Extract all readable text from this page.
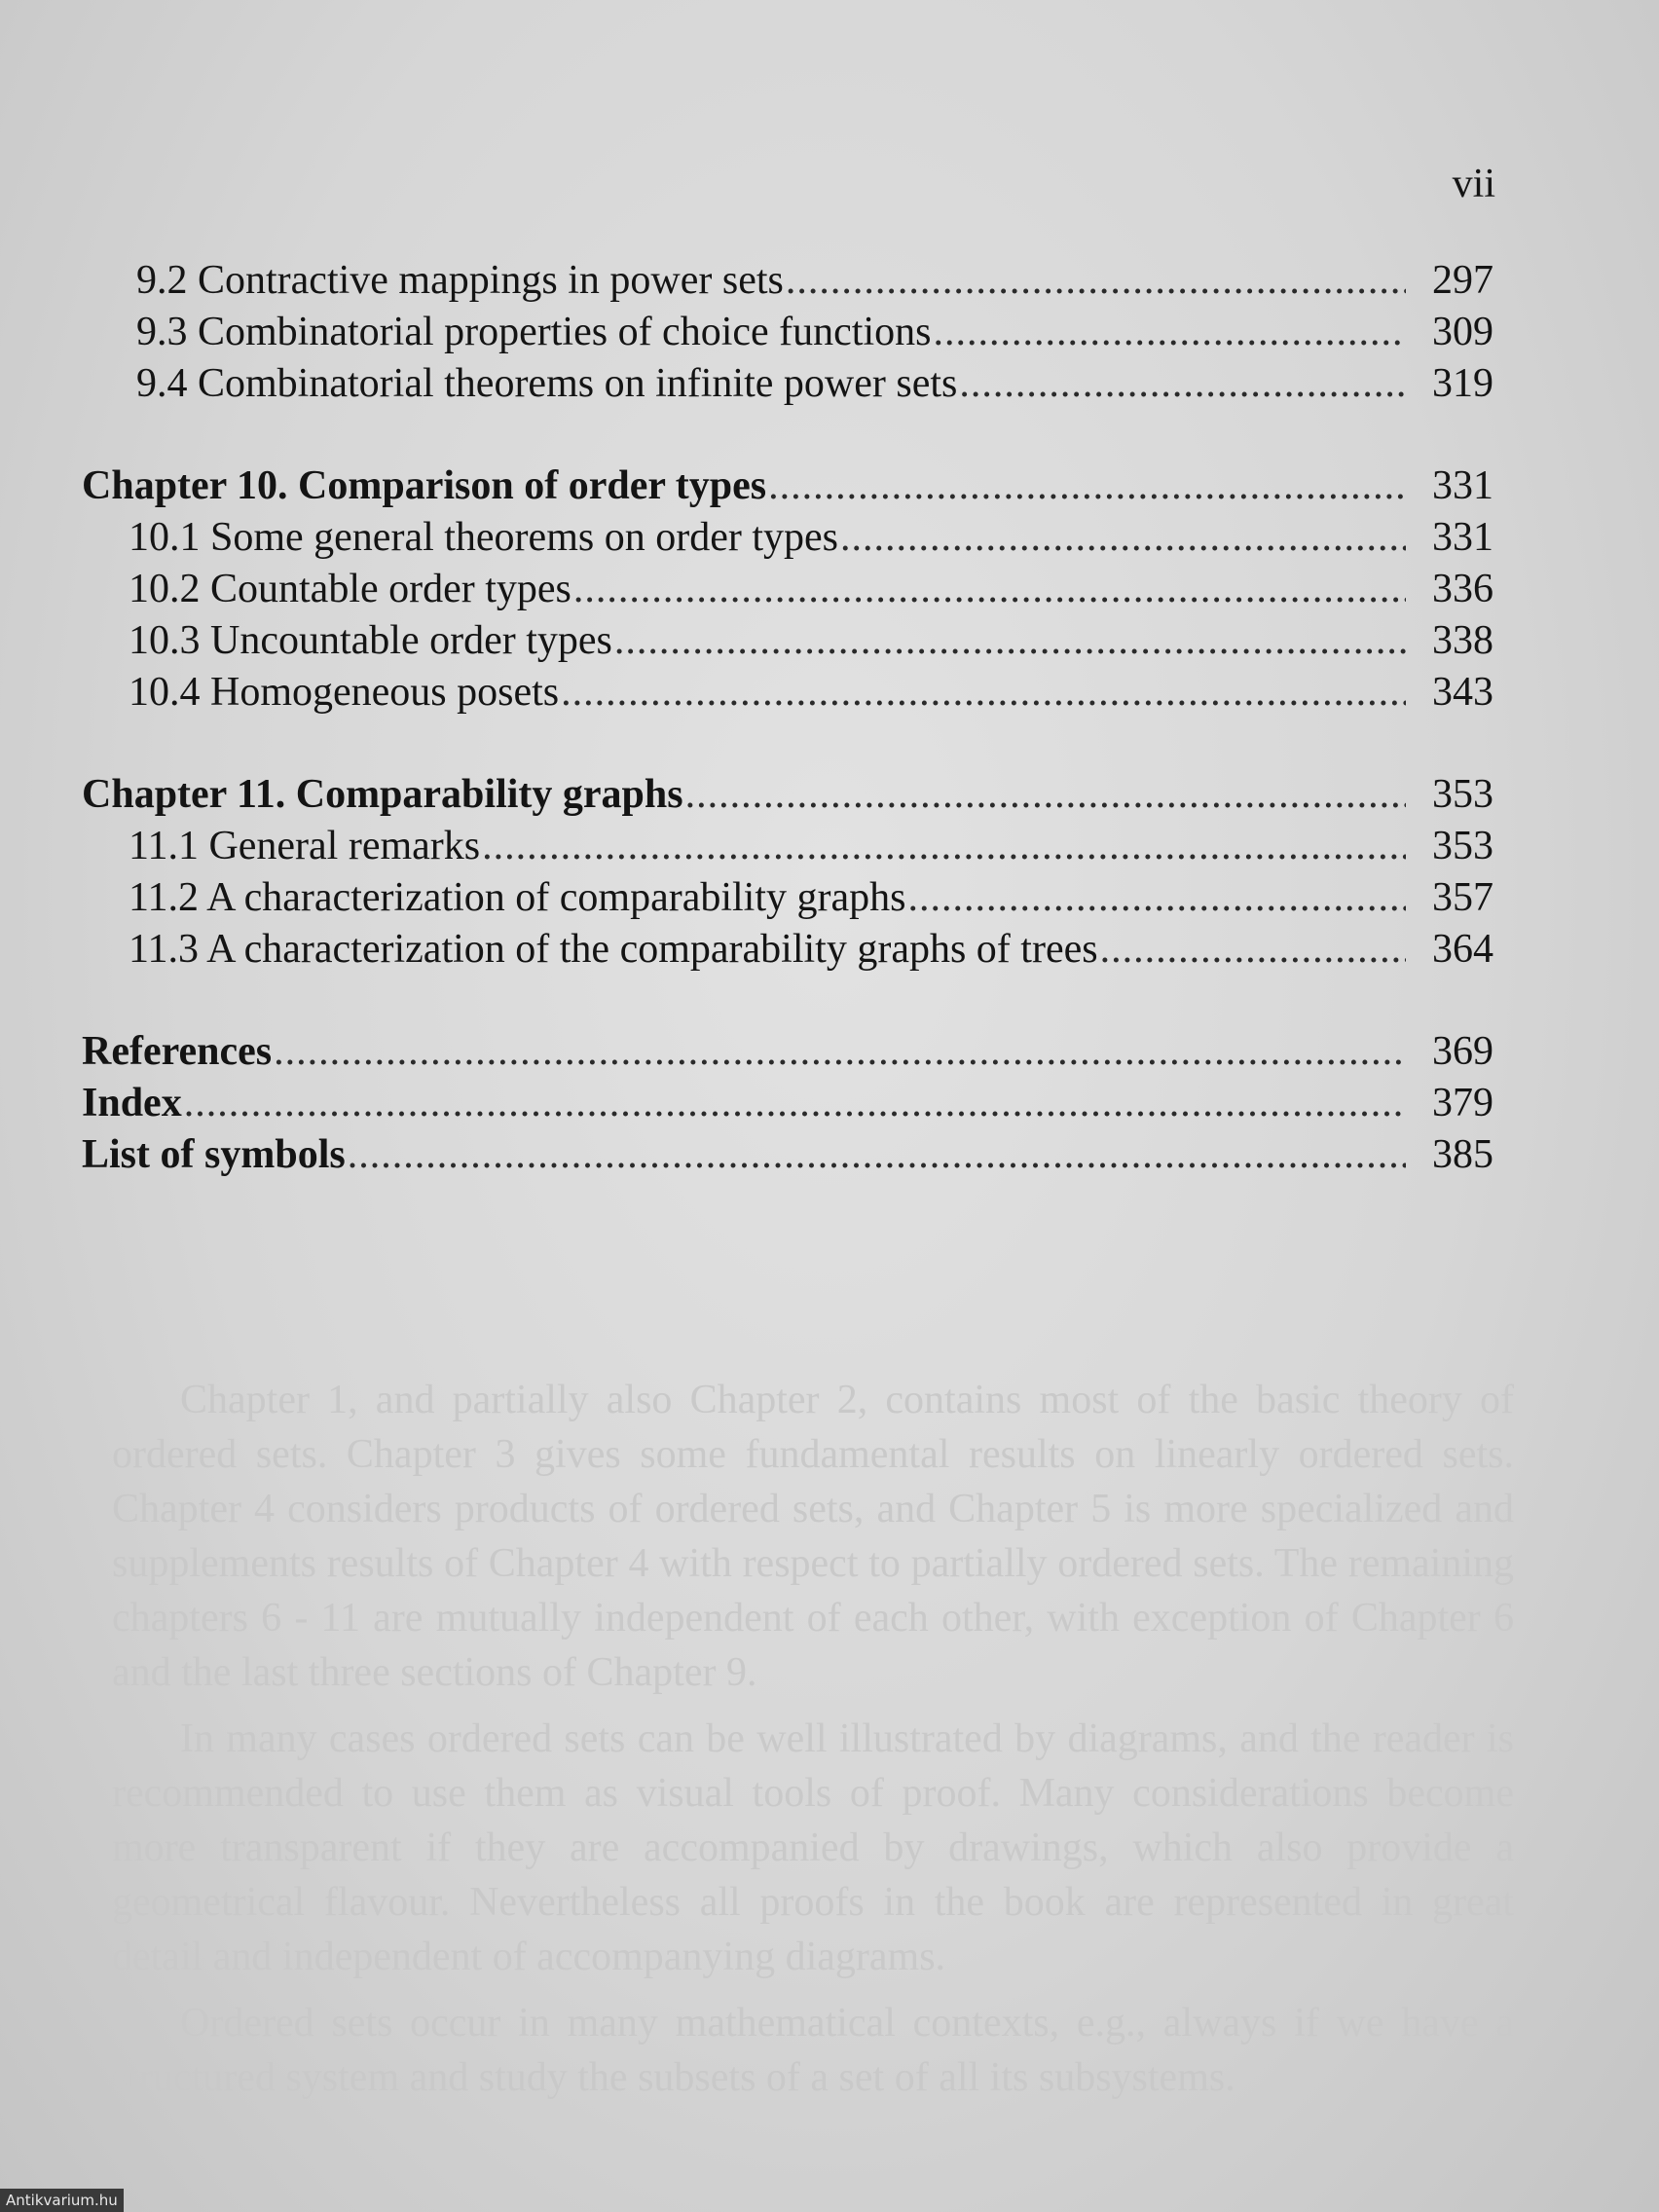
Chapter 1, and partially also Chapter 2, contains most of the basic theory of ordered sets. Chapter 3 gives some fundamental results on linearly ordered sets. Chapter 4 considers products of ordered sets, and Chapter 5 is more specialized and supplements results of Chapter 4 with respect to partially ordered sets. The remaining chapters 6 - 11 are mutually independent of each other, with exception of Chapter 6 and the last three sections of Chapter 9.

In many cases ordered sets can be well illustrated by diagrams, and the reader is recommended to use them as visual tools of proof. Many considerations become more transparent if they are accompanied by drawings, which also provide a geometrical flavour. Nevertheless all proofs in the book are represented in great detail and independent of accompanying diagrams.

Ordered sets occur in many mathematical contexts, e.g., always if we have a structured system and study the subsets of a set of all its subsystems.

vii
9.2 Contractive mappings in power sets .....	297
9.3 Combinatorial properties of choice functions .....	309
9.4 Combinatorial theorems on infinite power sets .....	319
Chapter 10. Comparison of order types .....	331
10.1 Some general theorems on order types .....	331
10.2 Countable order types .....	336
10.3 Uncountable order types .....	338
10.4 Homogeneous posets .....	343
Chapter 11. Comparability graphs .....	353
11.1 General remarks .....	353
11.2 A characterization of comparability graphs .....	357
11.3 A characterization of the comparability graphs of trees .....	364
References .....	369
Index .....	379
List of symbols .....	385
Antikvarium.hu
